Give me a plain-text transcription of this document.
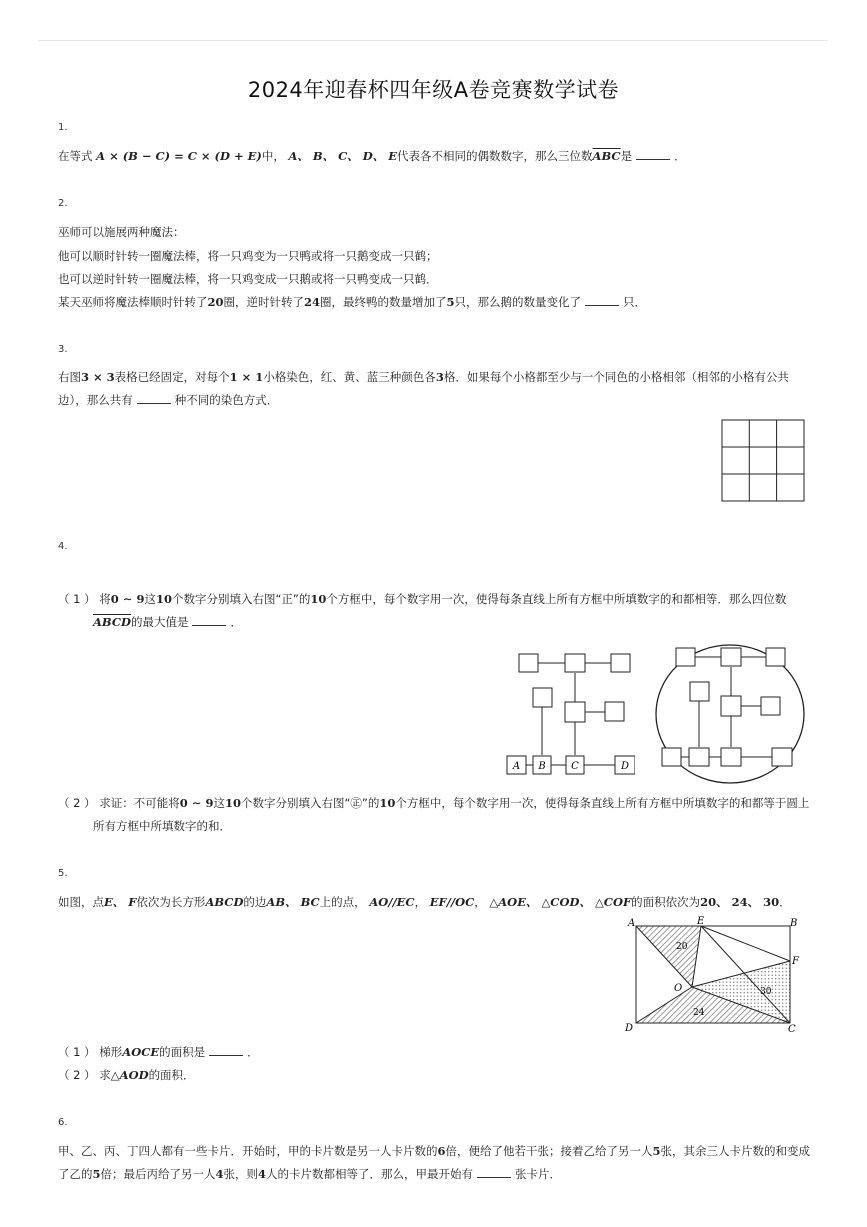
2024年迎春杯四年级A卷竞赛数学试卷
1.
在等式 A × (B − C) = C × (D + E)中， A、 B、 C、 D、 E代表各不相同的偶数数字，那么三位数$\overline{ABC}$是	．
2.
巫师可以施展两种魔法：
他可以顺时针转一圈魔法棒，将一只鸡变为一只鸭或将一只鹅变成一只鹤；
也可以逆时针转一圈魔法棒，将一只鸡变成一只鹅或将一只鸭变成一只鹤．
某天巫师将魔法棒顺时针转了20圈，逆时针转了24圈，最终鸭的数量增加了5只，那么鹅的数量变化了	只．
3.
右图3 × 3表格已经固定，对每个1 × 1小格染色，红、黄、蓝三种颜色各3格．如果每个小格都至少与一个同色的小格相邻（相邻的小格有公共
边），那么共有	种不同的染色方式．
4.
（ 1 ） 将0 ∼ 9这10个数字分别填入右图“正”的10个方框中，每个数字用一次，使得每条直线上所有方框中所填数字的和都相等．那么四位数
ABCD的最大值是	．
A B	C	D
（ 2 ） 求证：不可能将0 ∼ 9这10个数字分别填入右图“㊣”的10个方框中，每个数字用一次，使得每条直线上所有方框中所填数字的和都等于圆上
所有方框中所填数字的和．
5.
如图，点E、 F依次为长方形ABCD的边AB、 BC上的点， AO//EC， EF//OC， △AOE、 △COD、 △COF的面积依次为20、 24、 30．
A	E	B
F
O
D	C
20
30
24
（ 1 ） 梯形AOCE的面积是	．
（ 2 ） 求△AOD的面积．
6.
甲、乙、丙、丁四人都有一些卡片．开始时，甲的卡片数是另一人卡片数的6倍，便给了他若干张；接着乙给了另一人5张，其余三人卡片数的和变成
了乙的5倍；最后丙给了另一人4张，则4人的卡片数都相等了．那么，甲最开始有	张卡片．
